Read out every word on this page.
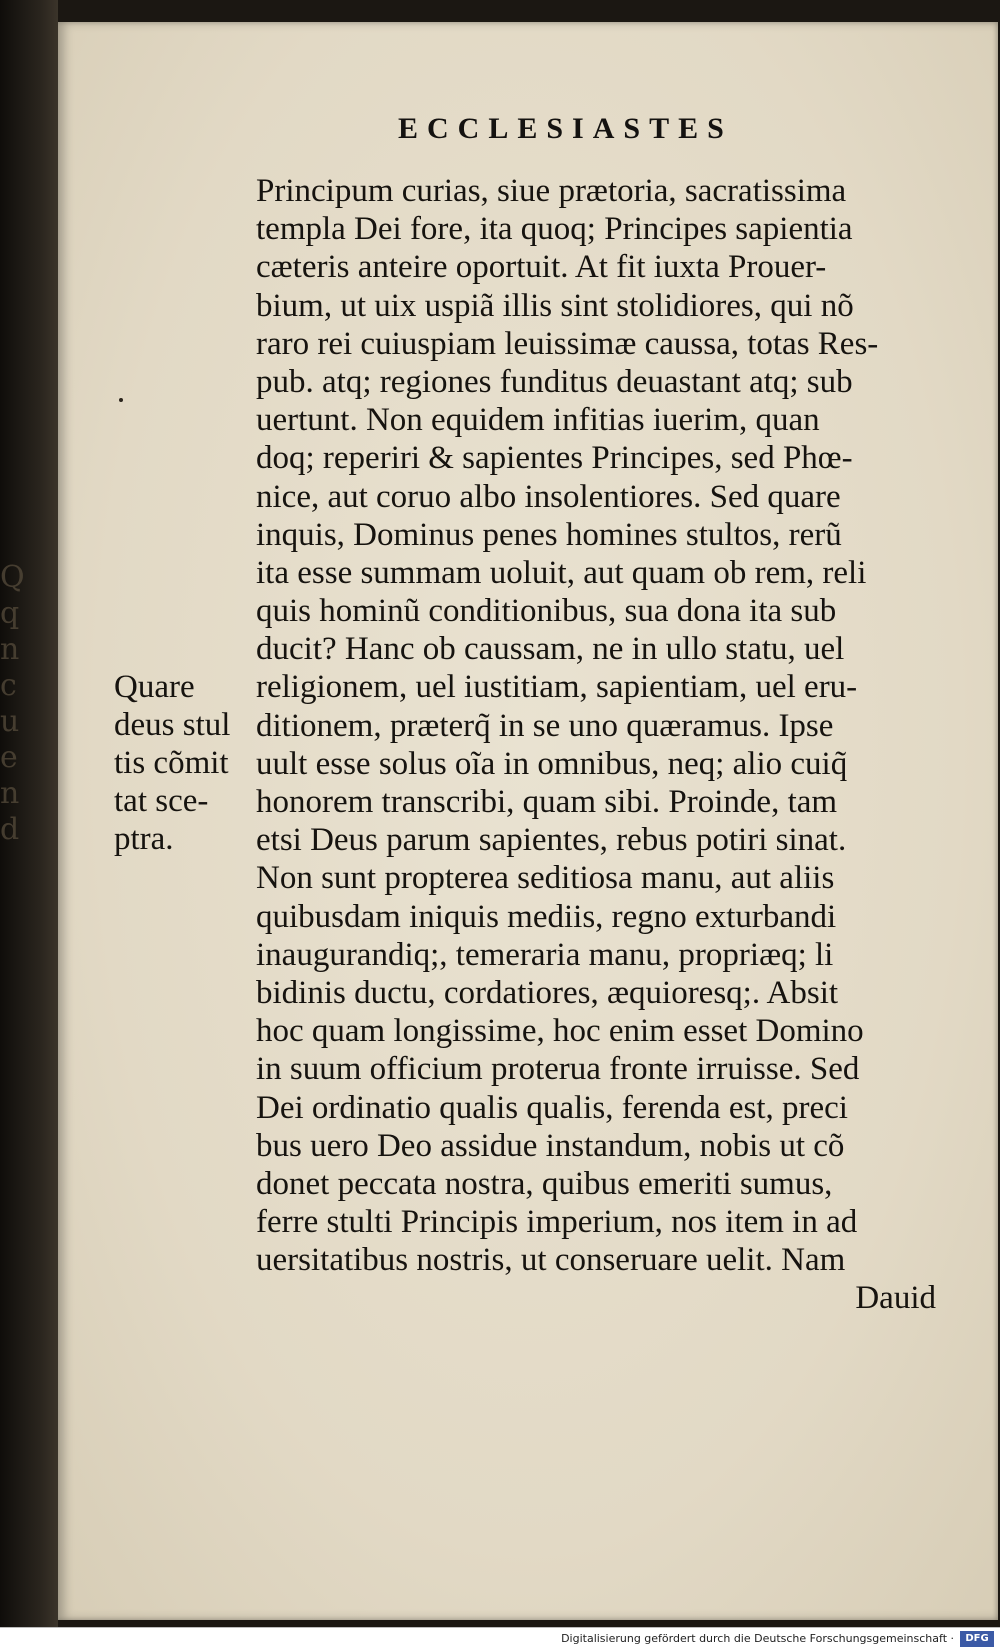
Q
q
n
c
u
e
n
d
ECCLESIASTES
Principum curias, siue prætoria, sacratissima
templa Dei fore, ita quoq; Principes sapientia
cæteris anteire oportuit. At fit iuxta Prouer-
bium, ut uix uspiã illis sint stolidiores, qui nõ
raro rei cuiuspiam leuissimæ caussa, totas Res-
pub. atq; regiones funditus deuastant atq; sub
uertunt. Non equidem infitias iuerim, quan
doq; reperiri & sapientes Principes, sed Phœ-
nice, aut coruo albo insolentiores. Sed quare
inquis, Dominus penes homines stultos, rerũ
ita esse summam uoluit, aut quam ob rem, reli
quis hominũ conditionibus, sua dona ita sub
ducit? Hanc ob caussam, ne in ullo statu, uel
religionem, uel iustitiam, sapientiam, uel eru-
ditionem, præterq̃ in se uno quæramus. Ipse
uult esse solus oĩa in omnibus, neq; alio cuiq̃
honorem transcribi, quam sibi. Proinde, tam
etsi Deus parum sapientes, rebus potiri sinat.
Non sunt propterea seditiosa manu, aut aliis
quibusdam iniquis mediis, regno exturbandi
inaugurandiq;, temeraria manu, propriæq; li
bidinis ductu, cordatiores, æquioresq;. Absit
hoc quam longissime, hoc enim esset Domino
in suum officium proterua fronte irruisse. Sed
Dei ordinatio qualis qualis, ferenda est, preci
bus uero Deo assidue instandum, nobis ut cõ
donet peccata nostra, quibus emeriti sumus,
ferre stulti Principis imperium, nos item in ad
uersitatibus nostris, ut conseruare uelit. Nam
Dauid
Quare
deus stul
tis cõmit
tat sce-
ptra.
Digitalisierung gefördert durch die Deutsche Forschungsgemeinschaft ·	DFG
